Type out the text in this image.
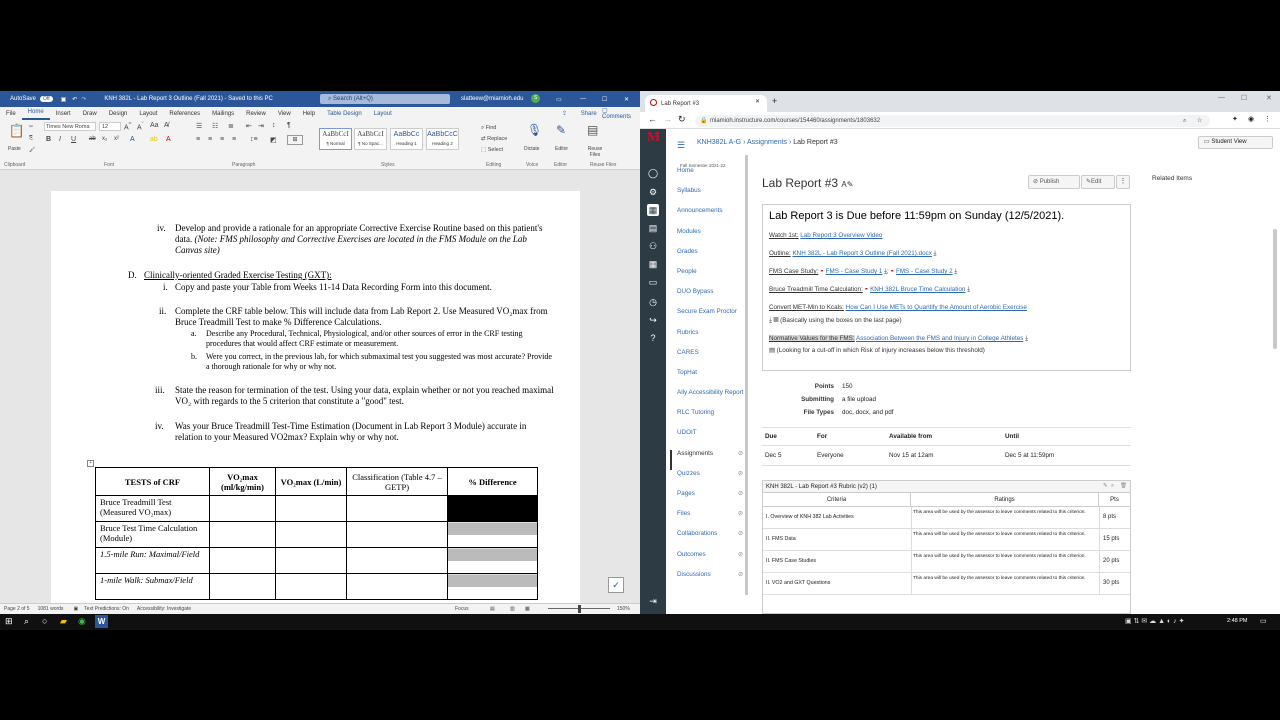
AutoSave	Off	▣ ↶ ↷	KNH 382L - Lab Report 3 Outline (Fall 2021) - Saved to this PC	⌕ Search (Alt+Q)	slatteew@miamioh.edu	S	▭	—	☐	✕
File	Home	Insert	Draw	Design	Layout	References	Mailings	Review	View	Help	Table Design	Layout	⇪ Share ▢ Comments
📋
Paste
✂
⎘
🖌
Times New Roma	12	A^ $A^ˇ$ Aa A̸
B I U ab x₂ x² A ab A
☰ ☷ ≣ ⇤ ⇥ ↕ ¶
≡ ≡ ≡ ≡ ↕≡ ◩	⊞
AaBbCcI
¶ Normal
AaBbCcI
¶ No Spac...
AaBbCc
Heading 1
AaBbCcC
Heading 2
⌕ Find
⇄ Replace
⬚ Select
🎙
Dictate
✎
Editor
▤
Reuse Files
Clipboard	Font	Paragraph	Styles	Editing	Voice	Editor	Reuse Files
iv. Develop and provide a rationale for an appropriate Corrective Exercise Routine based on this patient's data. (Note: FMS philosophy and Corrective Exercises are located in the FMS Module on the Lab Canvas site)
D. Clinically-oriented Graded Exercise Testing (GXT):
i. Copy and paste your Table from Weeks 11-14 Data Recording Form into this document.
ii. Complete the CRF table below. This will include data from Lab Report 2. Use Measured VO₂max from Bruce Treadmill Test to make % Difference Calculations.
a. Describe any Procedural, Technical, Physiological, and/or other sources of error in the CRF testing procedures that would affect CRF estimate or measurement.
b. Were you correct, in the previous lab, for which submaximal test you suggested was most accurate? Provide a thorough rationale for why or why not.
iii. State the reason for termination of the test. Using your data, explain whether or not you reached maximal VO₂ with regards to the 5 criterion that constitute a "good" test.
iv. Was your Bruce Treadmill Test-Time Estimation (Document in Lab Report 3 Module) accurate in relation to your Measured VO2max? Explain why or why not.
+
TESTS of CRF	VO₂max (ml/kg/min)	VO₂max (L/min)	Classification (Table 4.7 – GETP)	% Difference
Bruce Treadmill Test (Measured VO₂max)				
Bruce Test Time Calculation (Module)				
1.5-mile Run: Maximal/Field				
1-mile Walk: Submax/Field					✓
Page 2 of 5 1081 words ▣ Text Predictions: On Accessibility: Investigate	Focus	▤	▥ ▦	150%
Lab Report #3	✕ +	— ☐	✕
← → ↻ 🔒 miamioh.instructure.com/courses/154460/assignments/1803632	☆
⌕	✦ ◉ ⋮
M
◯
⚙
▦
▤
⚇
▦
▭
◷
↪
?
⇥
☰ KNH382L A-G › Assignments › Lab Report #3	▭ Student View
Fall Semester 2021-22
Home
Syllabus
Announcements
Modules
Grades
People
DUO Bypass
Secure Exam Proctor
Rubrics
CARES
TopHat
Ally Accessibility Report
RLC Tutoring
UDOIT
Assignments	⊘
Quizzes	⊘
Pages	⊘
Files	⊘
Collaborations	⊘
Outcomes	⊘
Discussions	⊘
Lab Report #3 A✎	⊘ Publish	✎Edit	⋮	Related Items
Lab Report 3 is Due before 11:59pm on Sunday (12/5/2021).
Watch 1st: Lab Report 3 Overview Video
Outline: KNH 382L - Lab Report 3 Outline (Fall 2021).docx ⤓
FMS Case Study: ◓ FMS - Case Study 1 ⤓; ◓ FMS - Case Study 2 ⤓
Bruce Treadmill Time Calculation: ◓ KNH 382L Bruce Time Calculation ⤓
Convert MET-Min to Kcals: How Can I Use METs to Quantify the Amount of Aerobic Exercise
⤓ ▤ (Basically using the boxes on the last page)
Normative Values for the FMS: Association Between the FMS and Injury in College Athletes ⤓
▤ (Looking for a cut-off in which Risk of injury increases below this threshold)
Points 150
Submitting a file upload
File Types doc, docx, and pdf
Due	For	Available from	Until
Dec 5	Everyone	Nov 15 at 12am	Dec 5 at 11:59pm
KNH 382L - Lab Report #3 Rubric (v2) (1)	✎ ⌕ 🗑
Criteria	Ratings	Pts
I. Overview of KNH 382 Lab Activities
This area will be used by the assessor to leave comments related to this criterion.
8 pts
II. FMS Data
This area will be used by the assessor to leave comments related to this criterion.
15 pts
II. FMS Case Studies
This area will be used by the assessor to leave comments related to this criterion.
20 pts
II. VO2 and GXT Questions
This area will be used by the assessor to leave comments related to this criterion.
30 pts
⊞ ⌕ ○ ▰ ◉	W	▣ ⇅ ✉ ☁ ▲ ◐ ♪ ✦	2:48 PM ▭
